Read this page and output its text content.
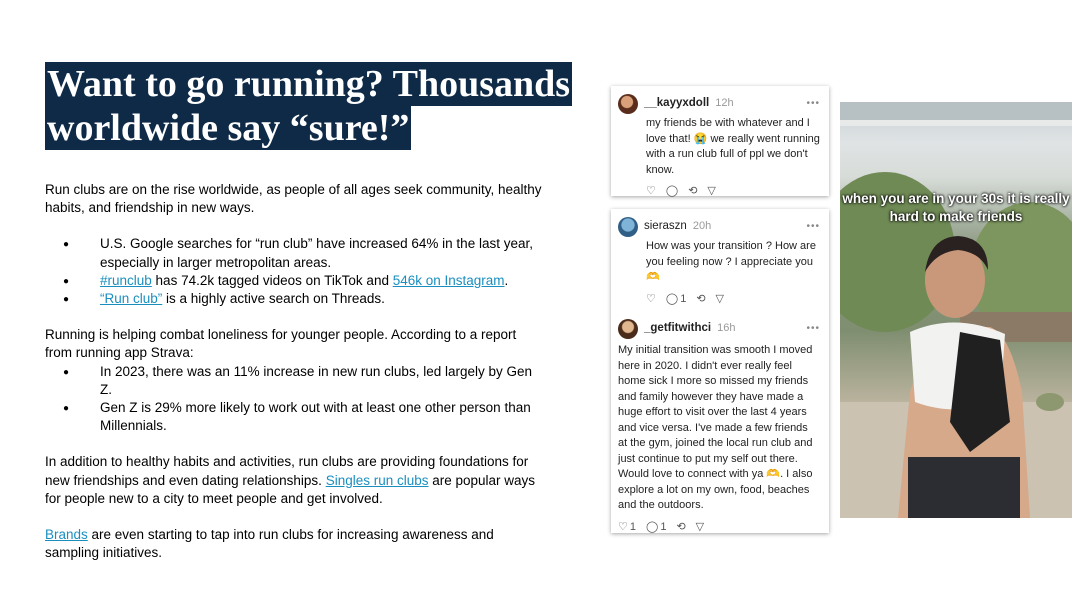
Want to go running? Thousands
worldwide say “sure!”

Run clubs are on the rise worldwide, as people of all ages seek community, healthy habits, and friendship in new ways.

● U.S. Google searches for “run club” have increased 64% in the last year, especially in larger metropolitan areas.
● #runclub has 74.2k tagged videos on TikTok and 546k on Instagram.
● “Run club” is a highly active search on Threads.

Running is helping combat loneliness for younger people. According to a report from running app Strava:

● In 2023, there was an 11% increase in new run clubs, led largely by Gen Z.
● Gen Z is 29% more likely to work out with at least one other person than Millennials.

In addition to healthy habits and activities, run clubs are providing foundations for new friendships and even dating relationships. Singles run clubs are popular ways for people new to a city to meet people and get involved.

Brands are even starting to tap into run clubs for increasing awareness and sampling initiatives.

__kayyxdoll 12h	•••
my friends be with whatever and I love that! 😭 we really went running with a run club full of ppl we don't know.
♡ ◯ ⟲ ▽
sieraszn 20h	•••
How was your transition ? How are you feeling now ? I appreciate you 🫶
♡ ◯ 1 ⟲ ▽
_getfitwithci 16h	•••
My initial transition was smooth I moved here in 2020. I didn't ever really feel home sick I more so missed my friends and family however they have made a huge effort to visit over the last 4 years and vice versa. I've made a few friends at the gym, joined the local run club and just continue to put my self out there. Would love to connect with ya 🫶. I also explore a lot on my own, food, beaches and the outdoors.
♡ 1 ◯ 1 ⟲ ▽
when you are in your 30s it is really hard to make friends
